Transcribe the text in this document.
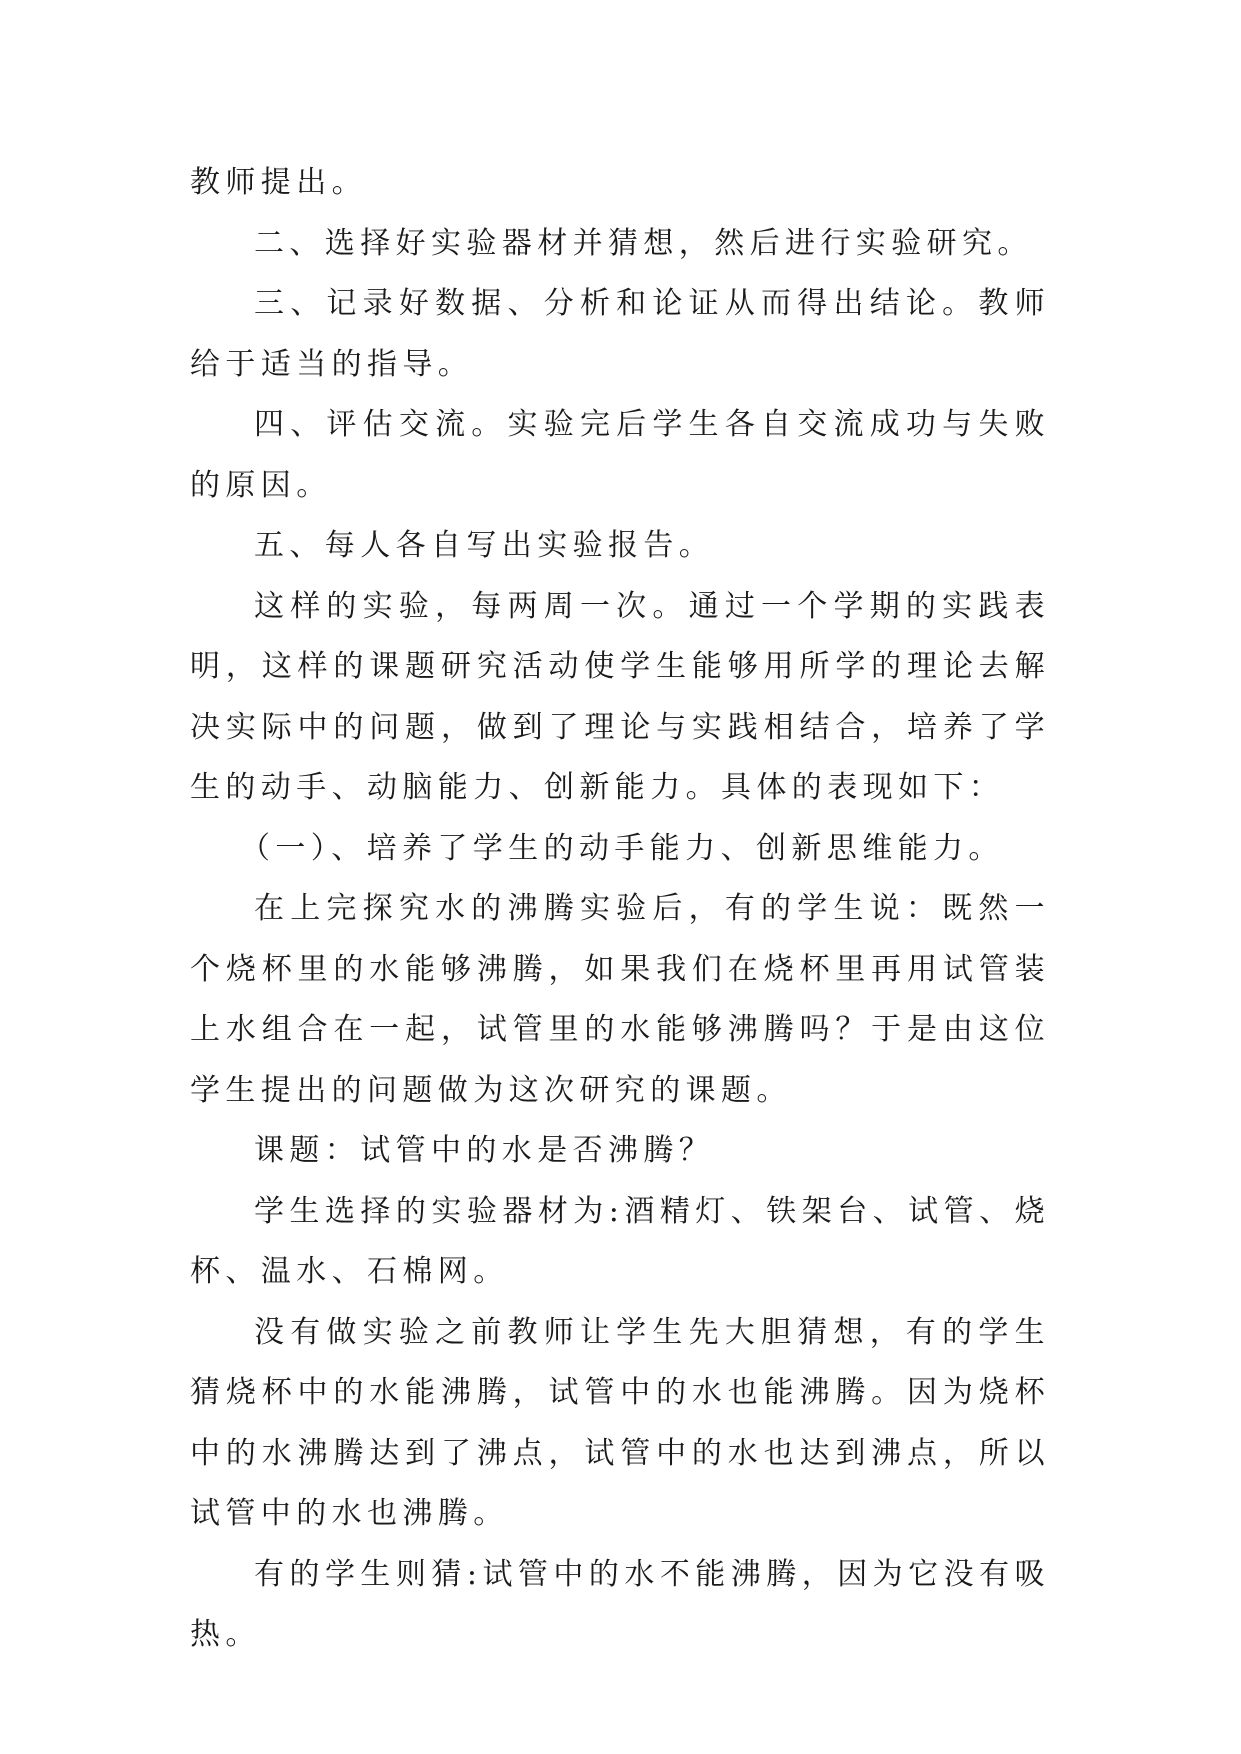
教师提出。

二、选择好实验器材并猜想，然后进行实验研究。

三、记录好数据、分析和论证从而得出结论。教师给于适当的指导。

四、评估交流。实验完后学生各自交流成功与失败的原因。

五、每人各自写出实验报告。

这样的实验，每两周一次。通过一个学期的实践表明，这样的课题研究活动使学生能够用所学的理论去解决实际中的问题，做到了理论与实践相结合，培养了学生的动手、动脑能力、创新能力。具体的表现如下：

（一）、培养了学生的动手能力、创新思维能力。

在上完探究水的沸腾实验后，有的学生说：既然一个烧杯里的水能够沸腾，如果我们在烧杯里再用试管装上水组合在一起，试管里的水能够沸腾吗？于是由这位学生提出的问题做为这次研究的课题。

课题：试管中的水是否沸腾？

学生选择的实验器材为:酒精灯、铁架台、试管、烧杯、温水、石棉网。

没有做实验之前教师让学生先大胆猜想，有的学生猜烧杯中的水能沸腾，试管中的水也能沸腾。因为烧杯中的水沸腾达到了沸点，试管中的水也达到沸点，所以试管中的水也沸腾。

有的学生则猜:试管中的水不能沸腾，因为它没有吸热。
